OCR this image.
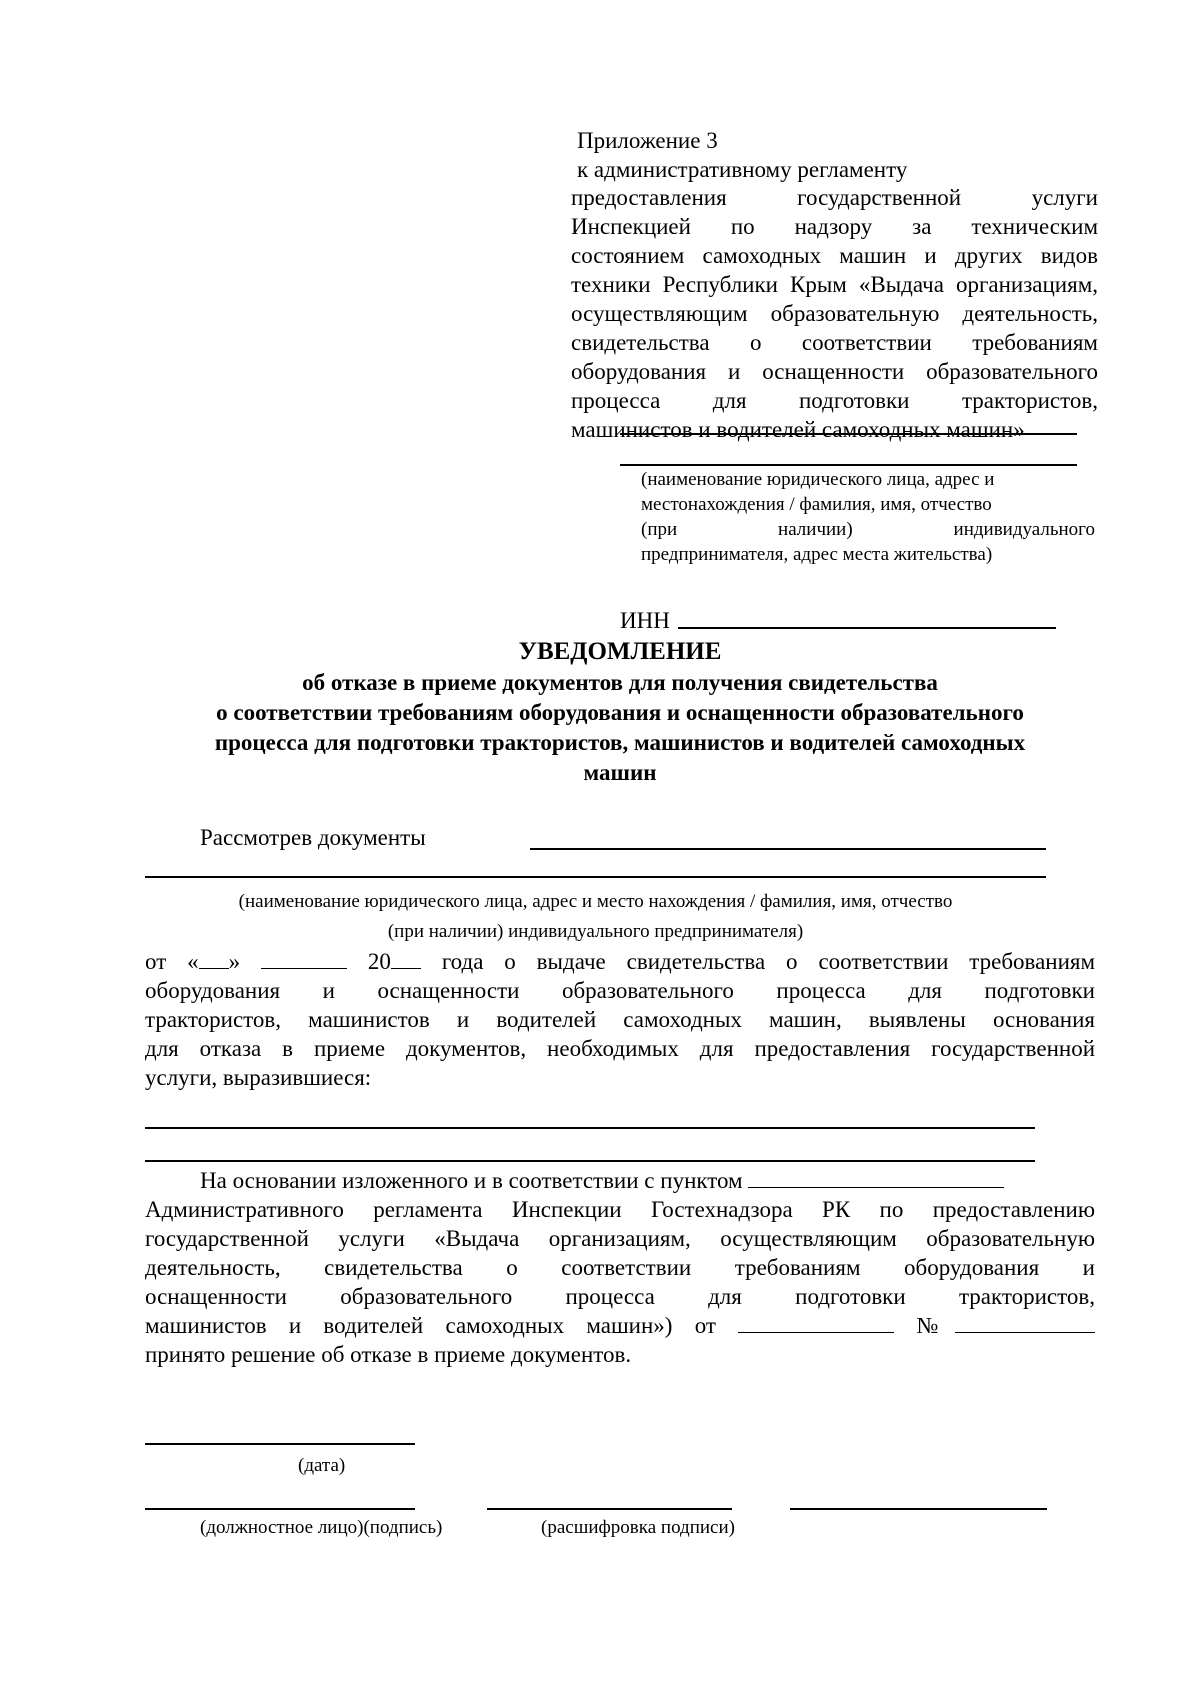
Приложение 3
к административному регламенту
предоставления государственной услуги
Инспекцией по надзору за техническим
состоянием самоходных машин и других видов
техники Республики Крым «Выдача организациям,
осуществляющим образовательную деятельность,
свидетельства о соответствии требованиям
оборудования и оснащенности образовательного
процесса для подготовки трактористов,
машинистов и водителей самоходных машин»
(наименование юридического лица, адрес и
местонахождения / фамилия, имя, отчество
(при наличии) индивидуального
предпринимателя, адрес места жительства)
ИНН
УВЕДОМЛЕНИЕ
об отказе в приеме документов для получения свидетельства
о соответствии требованиям оборудования и оснащенности образовательного
процесса для подготовки трактористов, машинистов и водителей самоходных
машин
Рассмотрев документы
(наименование юридического лица, адрес и место нахождения / фамилия, имя, отчество
(при наличии) индивидуального предпринимателя)
от « »	20 года о выдаче свидетельства о соответствии требованиям
оборудования и оснащенности образовательного процесса для подготовки
трактористов, машинистов и водителей самоходных машин, выявлены основания
для отказа в приеме документов, необходимых для предоставления государственной
услуги, выразившиеся:
На основании изложенного и в соответствии с пунктом
Административного регламента Инспекции Гостехнадзора РК по предоставлению
государственной услуги «Выдача организациям, осуществляющим образовательную
деятельность, свидетельства о соответствии требованиям оборудования и
оснащенности образовательного процесса для подготовки трактористов,
машинистов и водителей самоходных машин») от	№
принято решение об отказе в приеме документов.
(дата)
(должностное лицо)(подпись)	(расшифровка подписи)
